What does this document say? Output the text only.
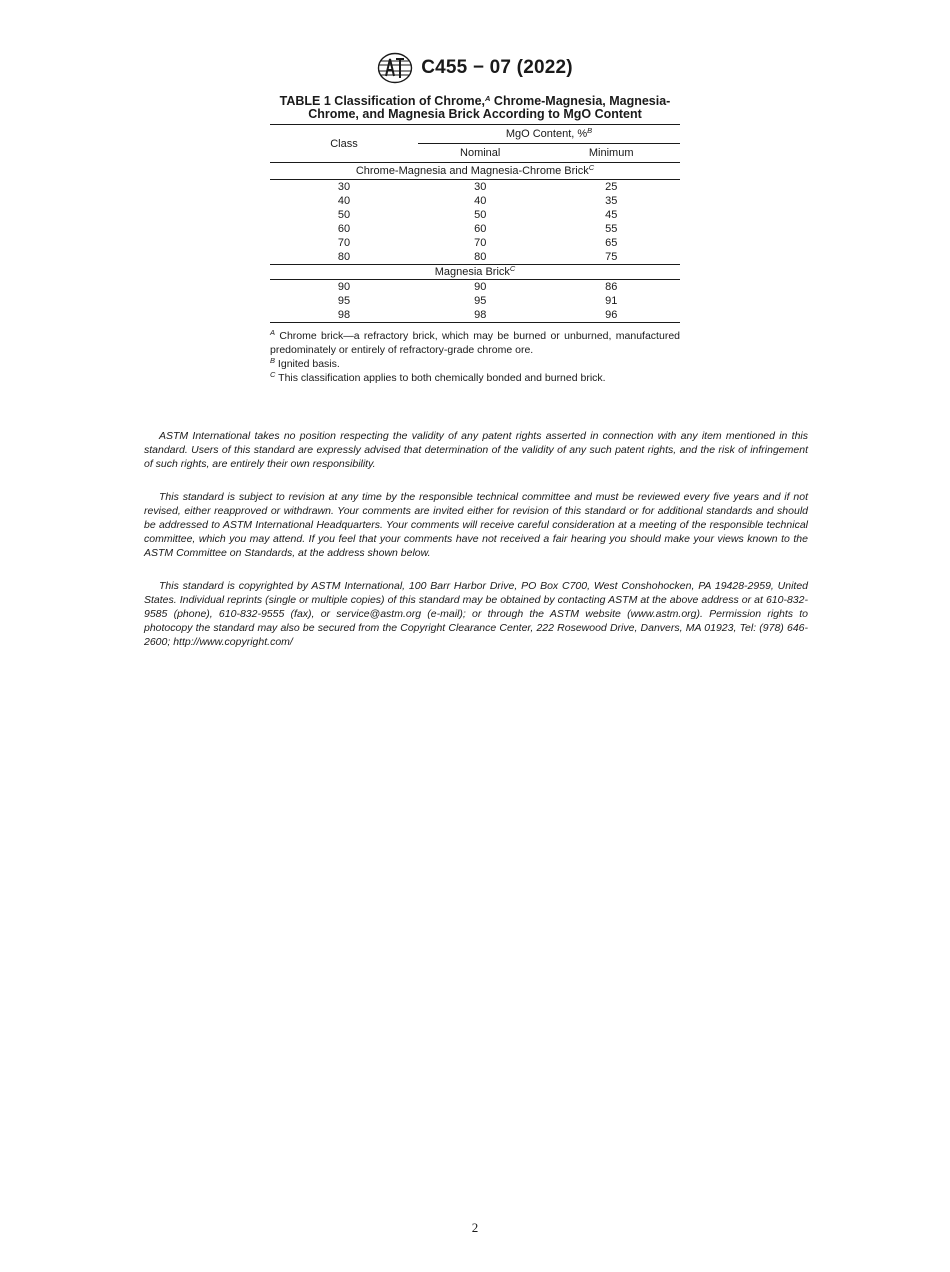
C455 − 07 (2022)
TABLE 1 Classification of Chrome,$^A$ Chrome-Magnesia, Magnesia-Chrome, and Magnesia Brick According to MgO Content
Class	MgO Content, %$^B$
	Nominal	Minimum
Chrome-Magnesia and Magnesia-Chrome Brick$^C$
30	30	25
40	40	35
50	50	45
60	60	55
70	70	65
80	80	75
Magnesia Brick$^C$
90	90	86
95	95	91
98	98	96

$^A$ Chrome brick—a refractory brick, which may be burned or unburned, manufactured predominately or entirely of refractory-grade chrome ore.

$^B$ Ignited basis.

$^C$ This classification applies to both chemically bonded and burned brick.

ASTM International takes no position respecting the validity of any patent rights asserted in connection with any item mentioned in this standard. Users of this standard are expressly advised that determination of the validity of any such patent rights, and the risk of infringement of such rights, are entirely their own responsibility.

This standard is subject to revision at any time by the responsible technical committee and must be reviewed every five years and if not revised, either reapproved or withdrawn. Your comments are invited either for revision of this standard or for additional standards and should be addressed to ASTM International Headquarters. Your comments will receive careful consideration at a meeting of the responsible technical committee, which you may attend. If you feel that your comments have not received a fair hearing you should make your views known to the ASTM Committee on Standards, at the address shown below.

This standard is copyrighted by ASTM International, 100 Barr Harbor Drive, PO Box C700, West Conshohocken, PA 19428-2959, United States. Individual reprints (single or multiple copies) of this standard may be obtained by contacting ASTM at the above address or at 610-832-9585 (phone), 610-832-9555 (fax), or service@astm.org (e-mail); or through the ASTM website (www.astm.org). Permission rights to photocopy the standard may also be secured from the Copyright Clearance Center, 222 Rosewood Drive, Danvers, MA 01923, Tel: (978) 646-2600; http://www.copyright.com/

2
